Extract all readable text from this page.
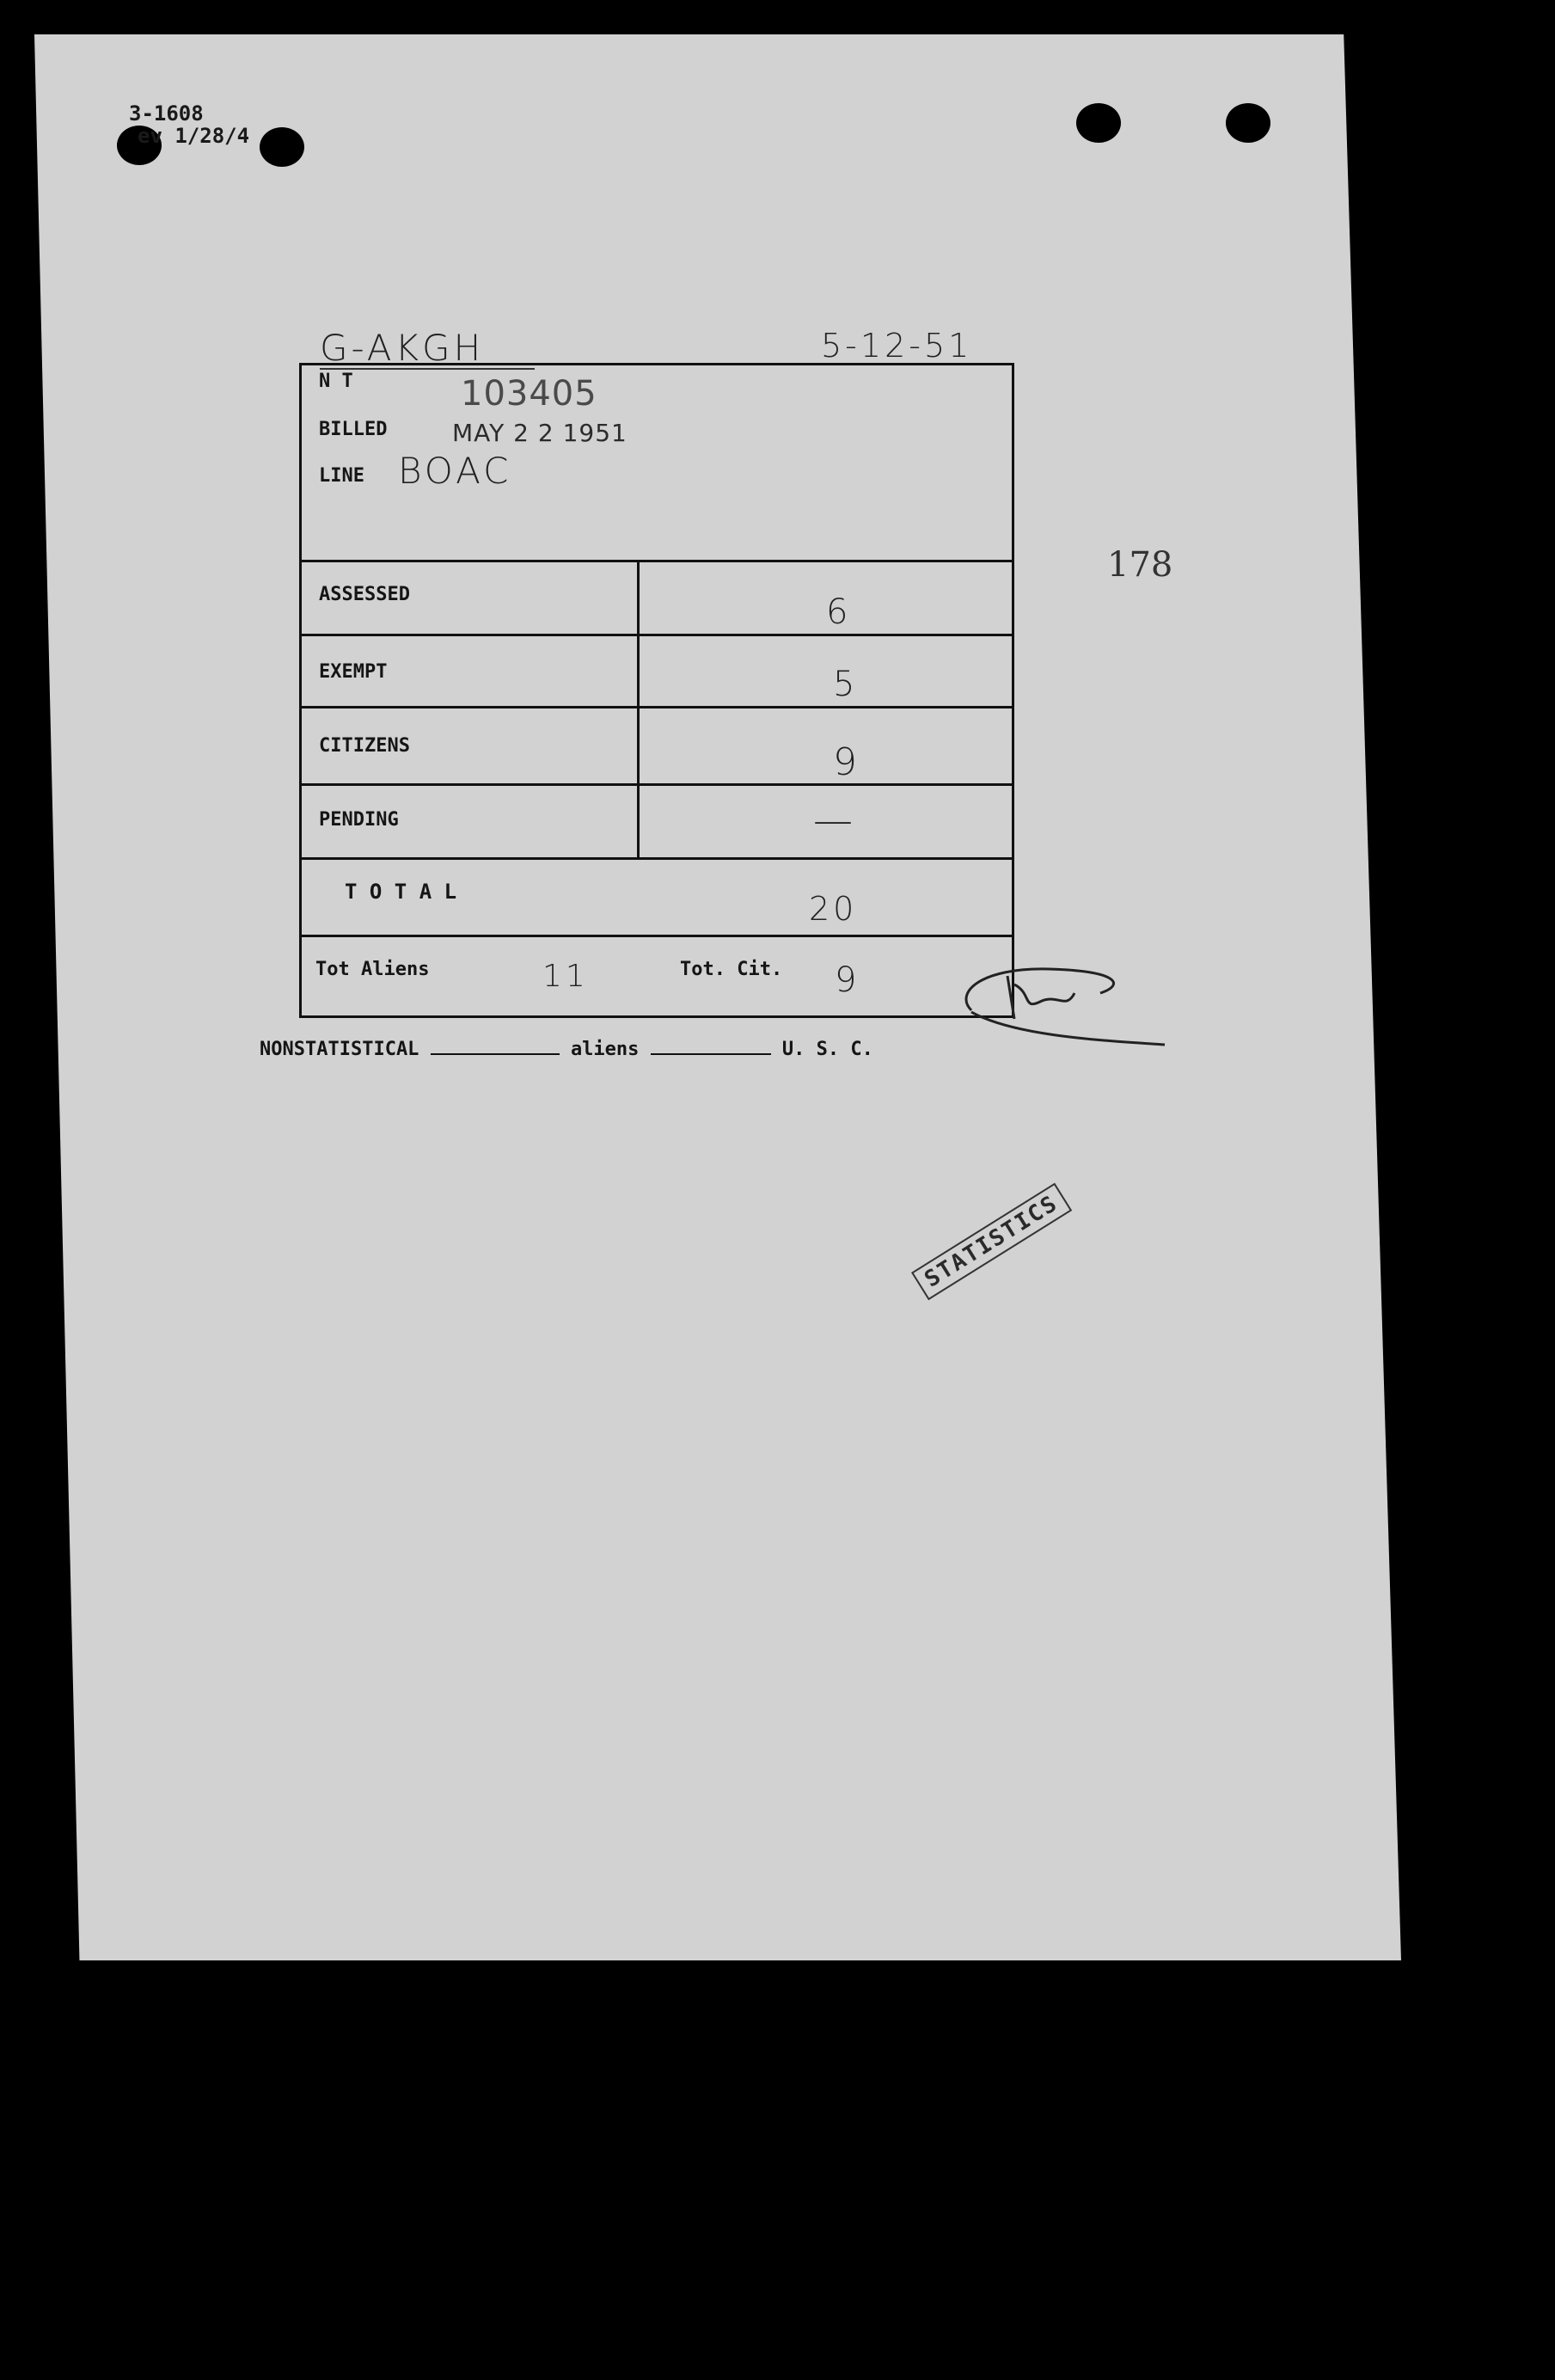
3-1608
ev 1/28/4
G-AKGH	5-12-51
178
N T	103405
BILLED	MAY 2 2 1951
LINE BOAC
ASSESSED	6
EXEMPT	5
CITIZENS	9
PENDING	—
T O T A L	20
Tot Aliens	11	Tot. Cit. 9
NONSTATISTICAL	aliens	U. S. C.
STATISTICS
